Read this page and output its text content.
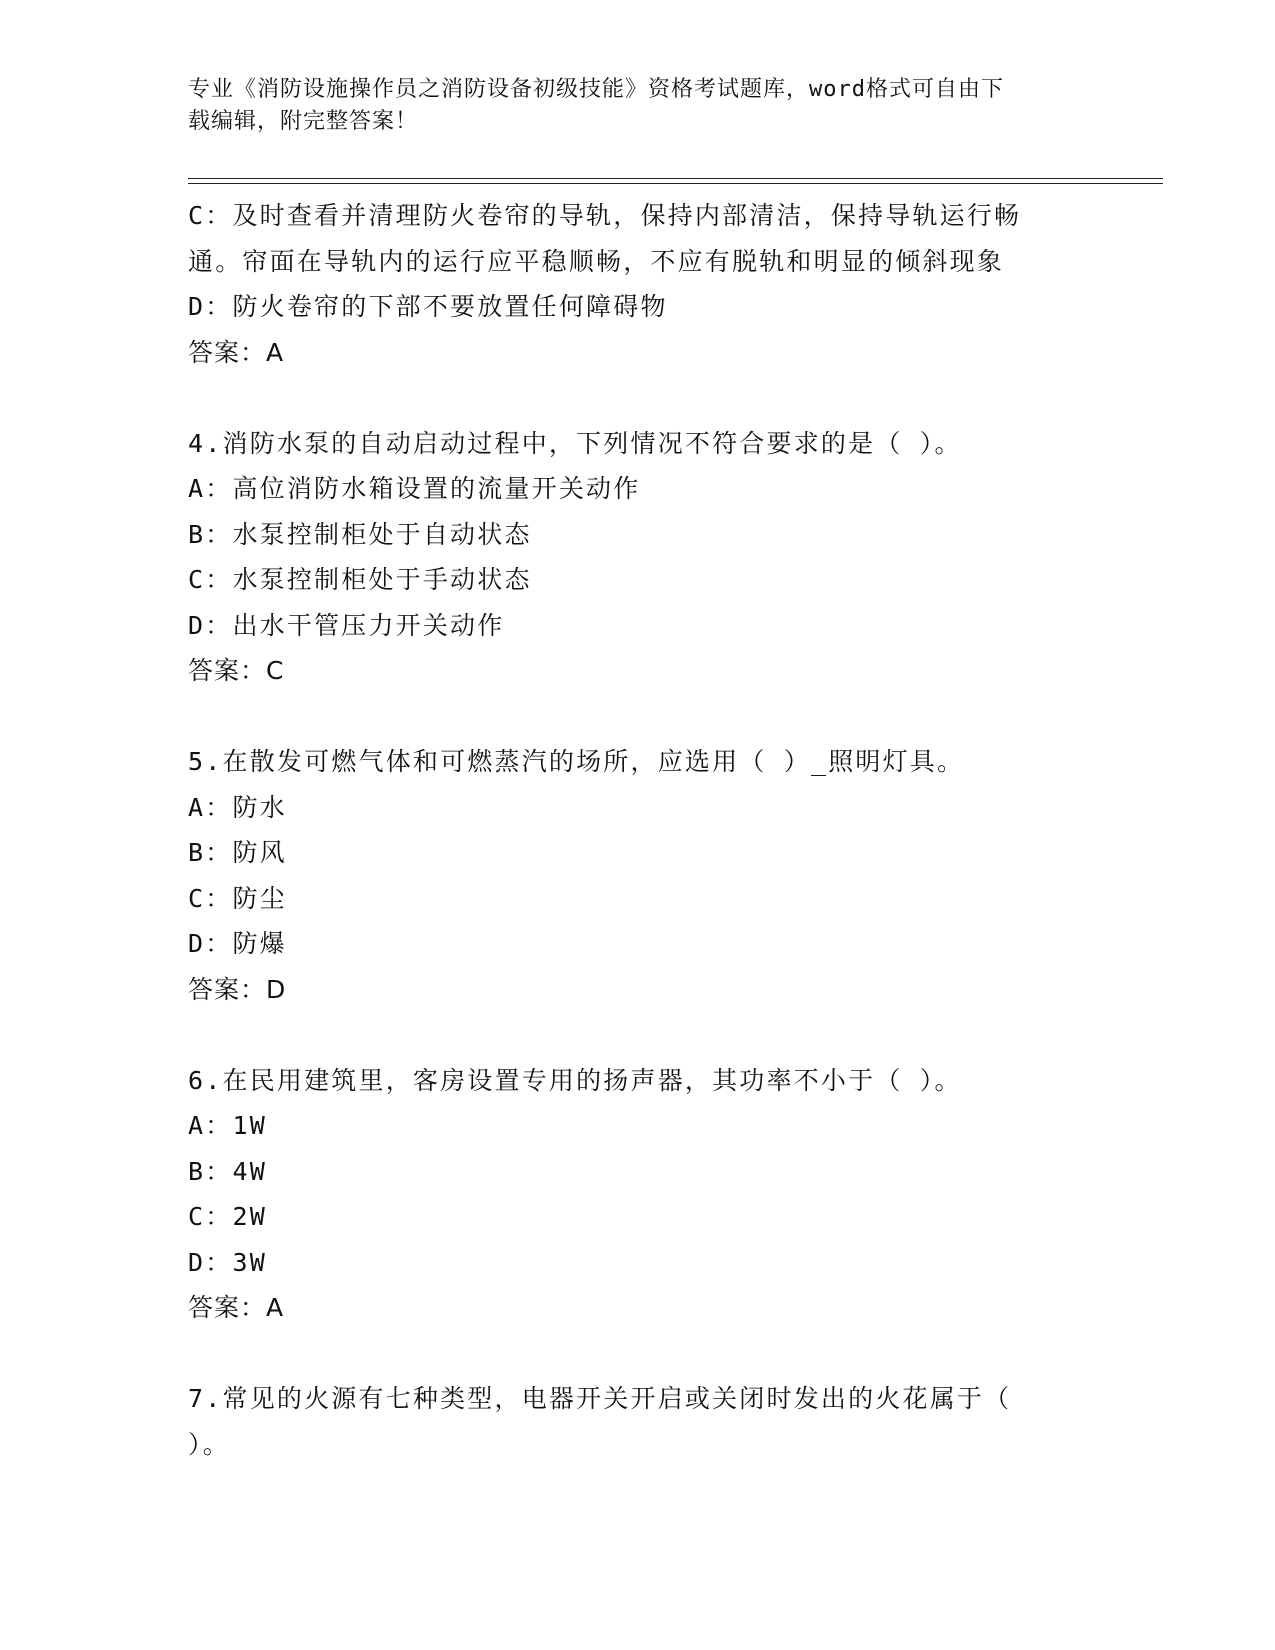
专业《消防设施操作员之消防设备初级技能》资格考试题库，word格式可自由下
载编辑，附完整答案！
C：及时查看并清理防火卷帘的导轨，保持内部清洁，保持导轨运行畅
通。帘面在导轨内的运行应平稳顺畅，不应有脱轨和明显的倾斜现象
D：防火卷帘的下部不要放置任何障碍物
答案：A
4.消防水泵的自动启动过程中，下列情况不符合要求的是（ ）。
A：高位消防水箱设置的流量开关动作
B：水泵控制柜处于自动状态
C：水泵控制柜处于手动状态
D：出水干管压力开关动作
答案：C
5.在散发可燃气体和可燃蒸汽的场所，应选用（ ）_照明灯具。
A：防水
B：防风
C：防尘
D：防爆
答案：D
6.在民用建筑里，客房设置专用的扬声器，其功率不小于（ ）。
A：1W
B：4W
C：2W
D：3W
答案：A
7.常见的火源有七种类型，电器开关开启或关闭时发出的火花属于（
）。
